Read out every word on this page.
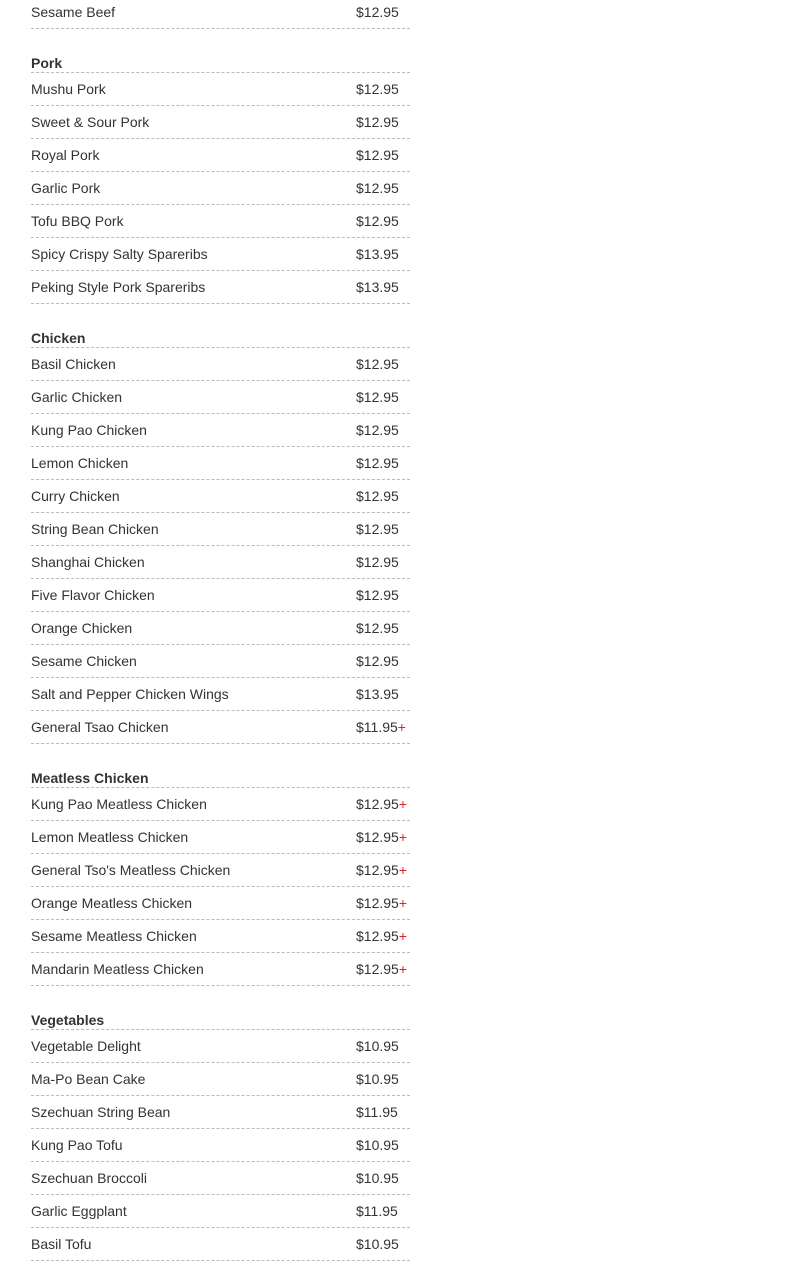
Sesame Beef	$12.95
Pork
Mushu Pork	$12.95
Sweet & Sour Pork	$12.95
Royal Pork	$12.95
Garlic Pork	$12.95
Tofu BBQ Pork	$12.95
Spicy Crispy Salty Spareribs	$13.95
Peking Style Pork Spareribs	$13.95
Chicken
Basil Chicken	$12.95
Garlic Chicken	$12.95
Kung Pao Chicken	$12.95
Lemon Chicken	$12.95
Curry Chicken	$12.95
String Bean Chicken	$12.95
Shanghai Chicken	$12.95
Five Flavor Chicken	$12.95
Orange Chicken	$12.95
Sesame Chicken	$12.95
Salt and Pepper Chicken Wings	$13.95
General Tsao Chicken	$11.95+
Meatless Chicken
Kung Pao Meatless Chicken	$12.95+
Lemon Meatless Chicken	$12.95+
General Tso's Meatless Chicken	$12.95+
Orange Meatless Chicken	$12.95+
Sesame Meatless Chicken	$12.95+
Mandarin Meatless Chicken	$12.95+
Vegetables
Vegetable Delight	$10.95
Ma-Po Bean Cake	$10.95
Szechuan String Bean	$11.95
Kung Pao Tofu	$10.95
Szechuan Broccoli	$10.95
Garlic Eggplant	$11.95
Basil Tofu	$10.95
